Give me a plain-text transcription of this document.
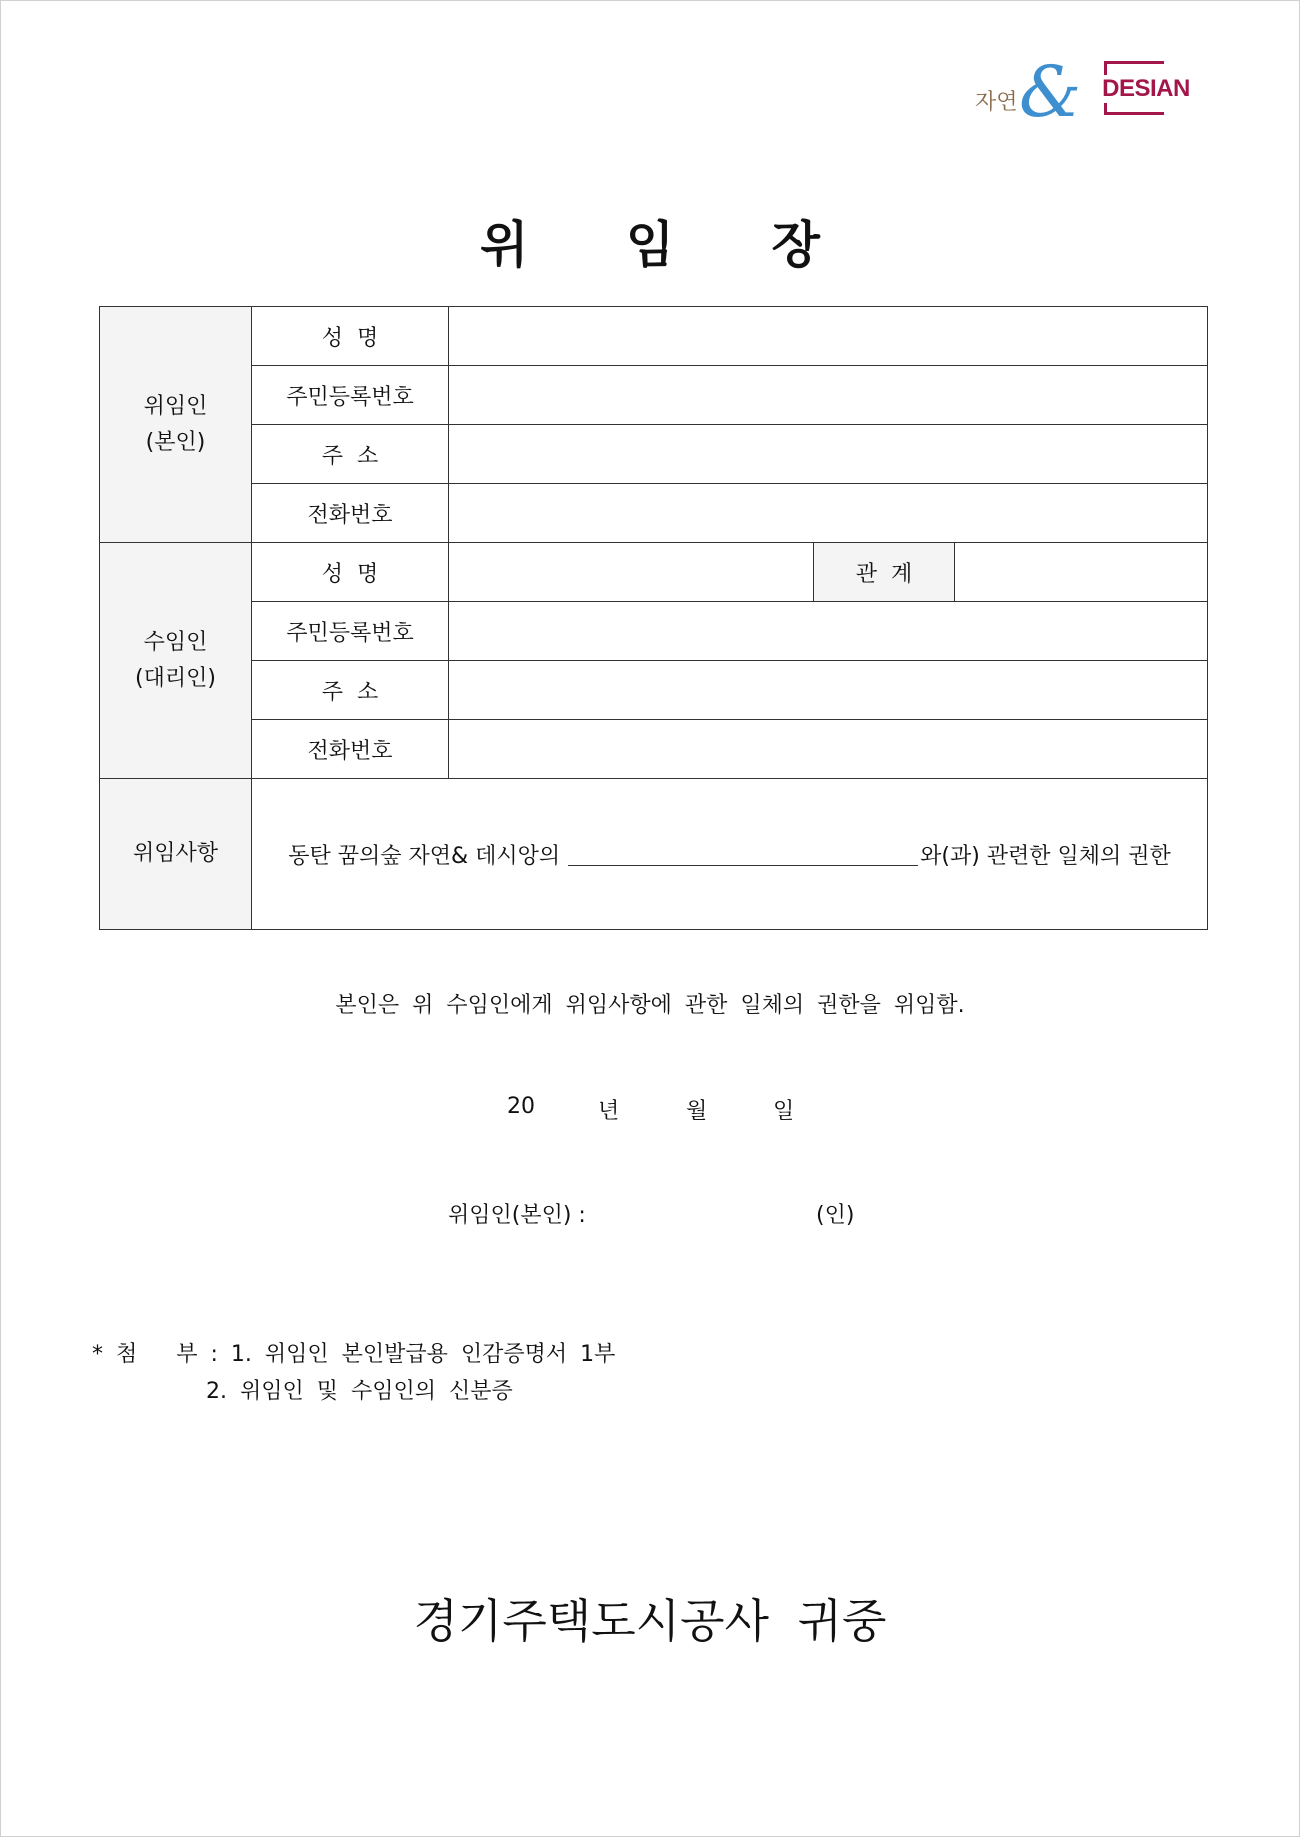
자연 & DESIAN
위 임 장
위임인
(본인)	성  명			
	주민등록번호			
	주  소			
	전화번호			

수임인
(대리인)	성  명		관  계	
	주민등록번호			
	주  소			
	전화번호			
위임사항	동탄 꿈의숲 자연& 데시앙의 와(과) 관련한 일체의 권한			
본인은 위 수임인에게 위임사항에 관한 일체의 권한을 위임함.
20	년	월	일
위임인(본인) :	(인)
* 첨   부 : 1. 위임인 본인발급용 인감증명서 1부
2. 위임인 및 수임인의 신분증
경기주택도시공사 귀중
